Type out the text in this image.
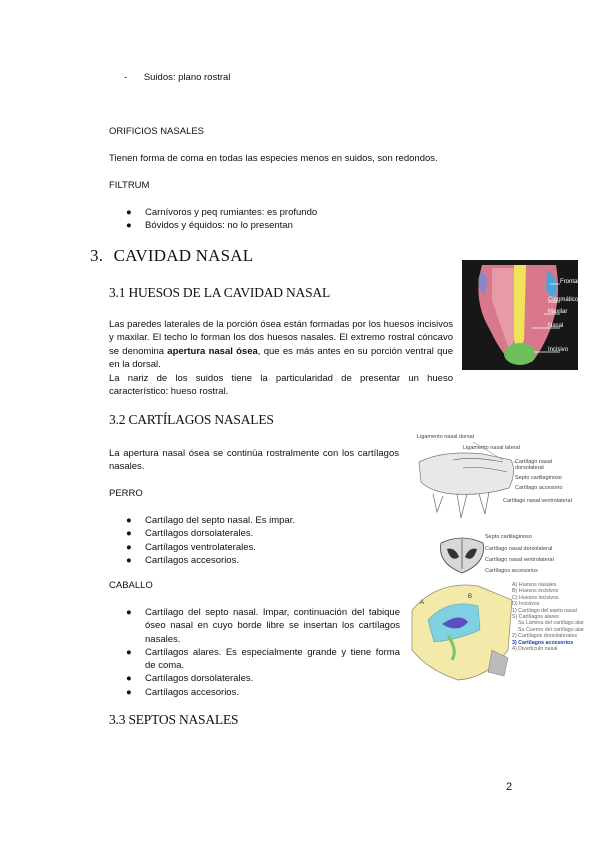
- Suidos: plano rostral
ORIFICIOS NASALES
Tienen forma de coma en todas las especies menos en suidos, son redondos.
FILTRUM
● Carnívoros y peq rumiantes: es profundo
● Bóvidos y équidos: no lo presentan
3. CAVIDAD NASAL
3.1 HUESOS DE LA CAVIDAD NASAL
Las paredes laterales de la porción ósea están formadas por los huesos incisivos y maxilar. El techo lo forman los dos huesos nasales. El extremo rostral cóncavo se denomina apertura nasal ósea, que es más antes en su porción ventral que en la dorsal.
La nariz de los suidos tiene la particularidad de presentar un hueso característico: hueso rostral.
Frontal
Cigomático
Maxilar
Nasal
Incisivo
3.2 CARTÍLAGOS NASALES
La apertura nasal ósea se continúa rostralmente con los cartílagos nasales.
PERRO
● Cartílago del septo nasal. Es impar.
● Cartílagos dorsolaterales.
● Cartílagos ventrolaterales.
● Cartílagos accesorios.
CABALLO
● Cartílago del septo nasal. Impar, continuación del tabique óseo nasal en cuyo borde libre se insertan los cartílagos nasales.
● Cartílagos alares. Es especialmente grande y tiene forma de coma.
● Cartílagos dorsolaterales.
● Cartílagos accesorios.
Ligamento nasal dorsal
Ligamento nasal lateral
Cartílago nasal dorsolateral
Septo cartilaginoso
Cartílago accesorio
Cartílago nasal ventrolateral
Septo cartilaginoso
Cartílago nasal dorsolateral
Cartílago nasal ventrolateral
Cartílagos accesorios
A
B
A) Huesos nasales
B) Huesos incisivos
C) Huesos incisivos
D) Incisivos
1) Cartílago del septo nasal
S) Cartílagos alares
Su Lámina del cartílago alar
Su Cuerno del cartílago alar
2) Cartílagos dorsolaterales
3) Cartílagos accesorios
4) Divertículo nasal
3.3 SEPTOS NASALES
2
